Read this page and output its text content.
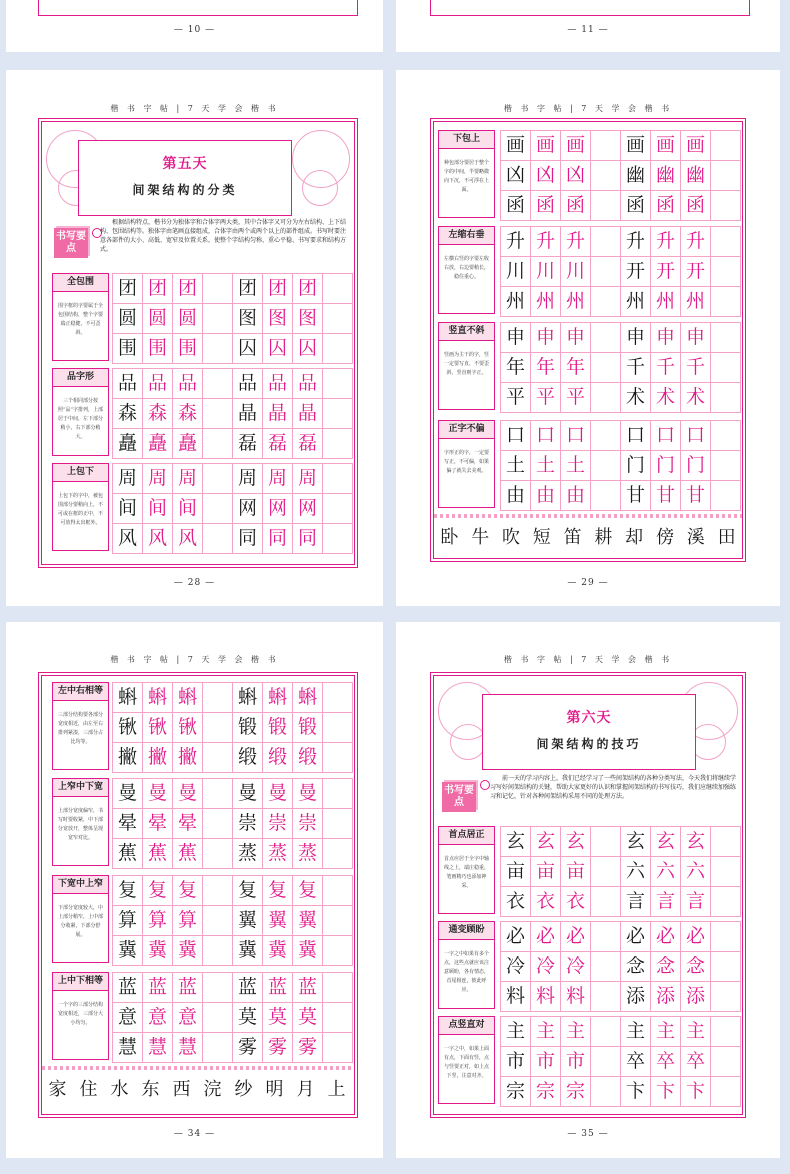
— 10 —	— 11 —
楷 书 字 帖 | 7 天 学 会 楷 书
第五天
间架结构的分类
书写要点
根据结构特点，楷书分为独体字和合体字两大类，其中合体字又可分为左右结构、上下结构、包围结构等。独体字由笔画直接组成，合体字由两个或两个以上的部件组成。书写时要注意各部件的大小、高低、宽窄及位置关系，使整个字结构匀称、重心平稳、书写要求和结构方式。
全包围
围字框的字要属于全包围结构，整个字要端正稳健，不可歪斜。
团 团 团	团 团 团
圆 圆 圆	图 图 图
围 围 围	囚 囚 囚
品字形
三个相同部分按照“品”字排列，上部居于中间，左下部分稍小，右下部分稍大。
品 品 品	品 品 品
森 森 森	晶 晶 晶
矗 矗 矗	磊 磊 磊
上包下
上包下的字中，被包围部分要稍向上，不可或在框的正中，不可放得太出框外。
周 周 周	周 周 周
间 间 间	网 网 网
风 风 风	同 同 同
— 28 —
楷 书 字 帖 | 7 天 学 会 楷 书
下包上
种包部分要居于整个字的中间，半要略微向下沉，不可浮在上面。
画 画 画	画 画 画
凶 凶 凶	幽 幽 幽
函 函 函	函 函 函
左缩右垂
左横右竖的字要左收右放，右边要稍长，稳住重心。
升 升 升	升 升 升
川 川 川	开 开 开
州 州 州	州 州 州
竖直不斜
竖画为主干的字，竖一定要写直，不要歪斜，竖直则字正。
申 申 申	申 申 申
年 年 年	千 千 千
平 平 平	术 术 术
正字不偏
字形正的字，一定要写正，不可偏，如果偏了就失去美观。
口 口 口	口 口 口
土 土 土	门 门 门
由 由 由	甘 甘 甘
卧 牛 吹 短 笛 耕 却 傍 溪 田
— 29 —
楷 书 字 帖 | 7 天 学 会 楷 书
左中右相等
三部分结构要各部分宽度相近，由左至右排列紧凑，三部分占比均等。
蝌 蝌 蝌	蝌 蝌 蝌
锹 锹 锹	锻 锻 锻
撇 撇 撇	缎 缎 缎
上窄中下宽
上部分宽度偏窄，书写时要收紧，中下部分宽放开，整体呈现宽窄对比。
曼 曼 曼	曼 曼 曼
晕 晕 晕	崇 崇 崇
蕉 蕉 蕉	蒸 蒸 蒸
下宽中上窄
下部分宽度较大，中上部分稍窄，上中部分收紧，下部分舒展。
复 复 复	复 复 复
算 算 算	翼 翼 翼
冀 冀 冀	冀 冀 冀
上中下相等
一个字的三部分结构宽度相近，三部分大小均匀。
蓝 蓝 蓝	蓝 蓝 蓝
意 意 意	莫 莫 莫
慧 慧 慧	雾 雾 雾
家 住 水 东 西 浣 纱 明 月 上
— 34 —
楷 书 字 帖 | 7 天 学 会 楷 书
第六天
间架结构的技巧
书写要点
前一天的学习内容上，我们已经学习了一些间架结构的各种分类写法，今天我们将继续学习写好间架结构的关键，帮助大家更好的认识和掌握间架结构的书写技巧，我们应继续加强练习和记忆，针对各种间架结构采用不同的处理方法。
首点居正
首点应居于全字中轴线之上，端庄稳重，笔画精巧也添加神采。
玄 玄 玄	玄 玄 玄
亩 亩 亩	六 六 六
衣 衣 衣	言 言 言
通变顾盼
一字之中如果有多个点，这些点就应该注意顾盼，各有情态，首尾相连，彼此呼应。
必 必 必	必 必 必
冷 冷 冷	念 念 念
料 料 料	添 添 添
点竖直对
一字之中，如果上面有点，下面有竖，点与竖要正对，如上点下竖，注意对齐。
主 主 主	主 主 主
市 市 市	卒 卒 卒
宗 宗 宗	卞 卞 卞
— 35 —
